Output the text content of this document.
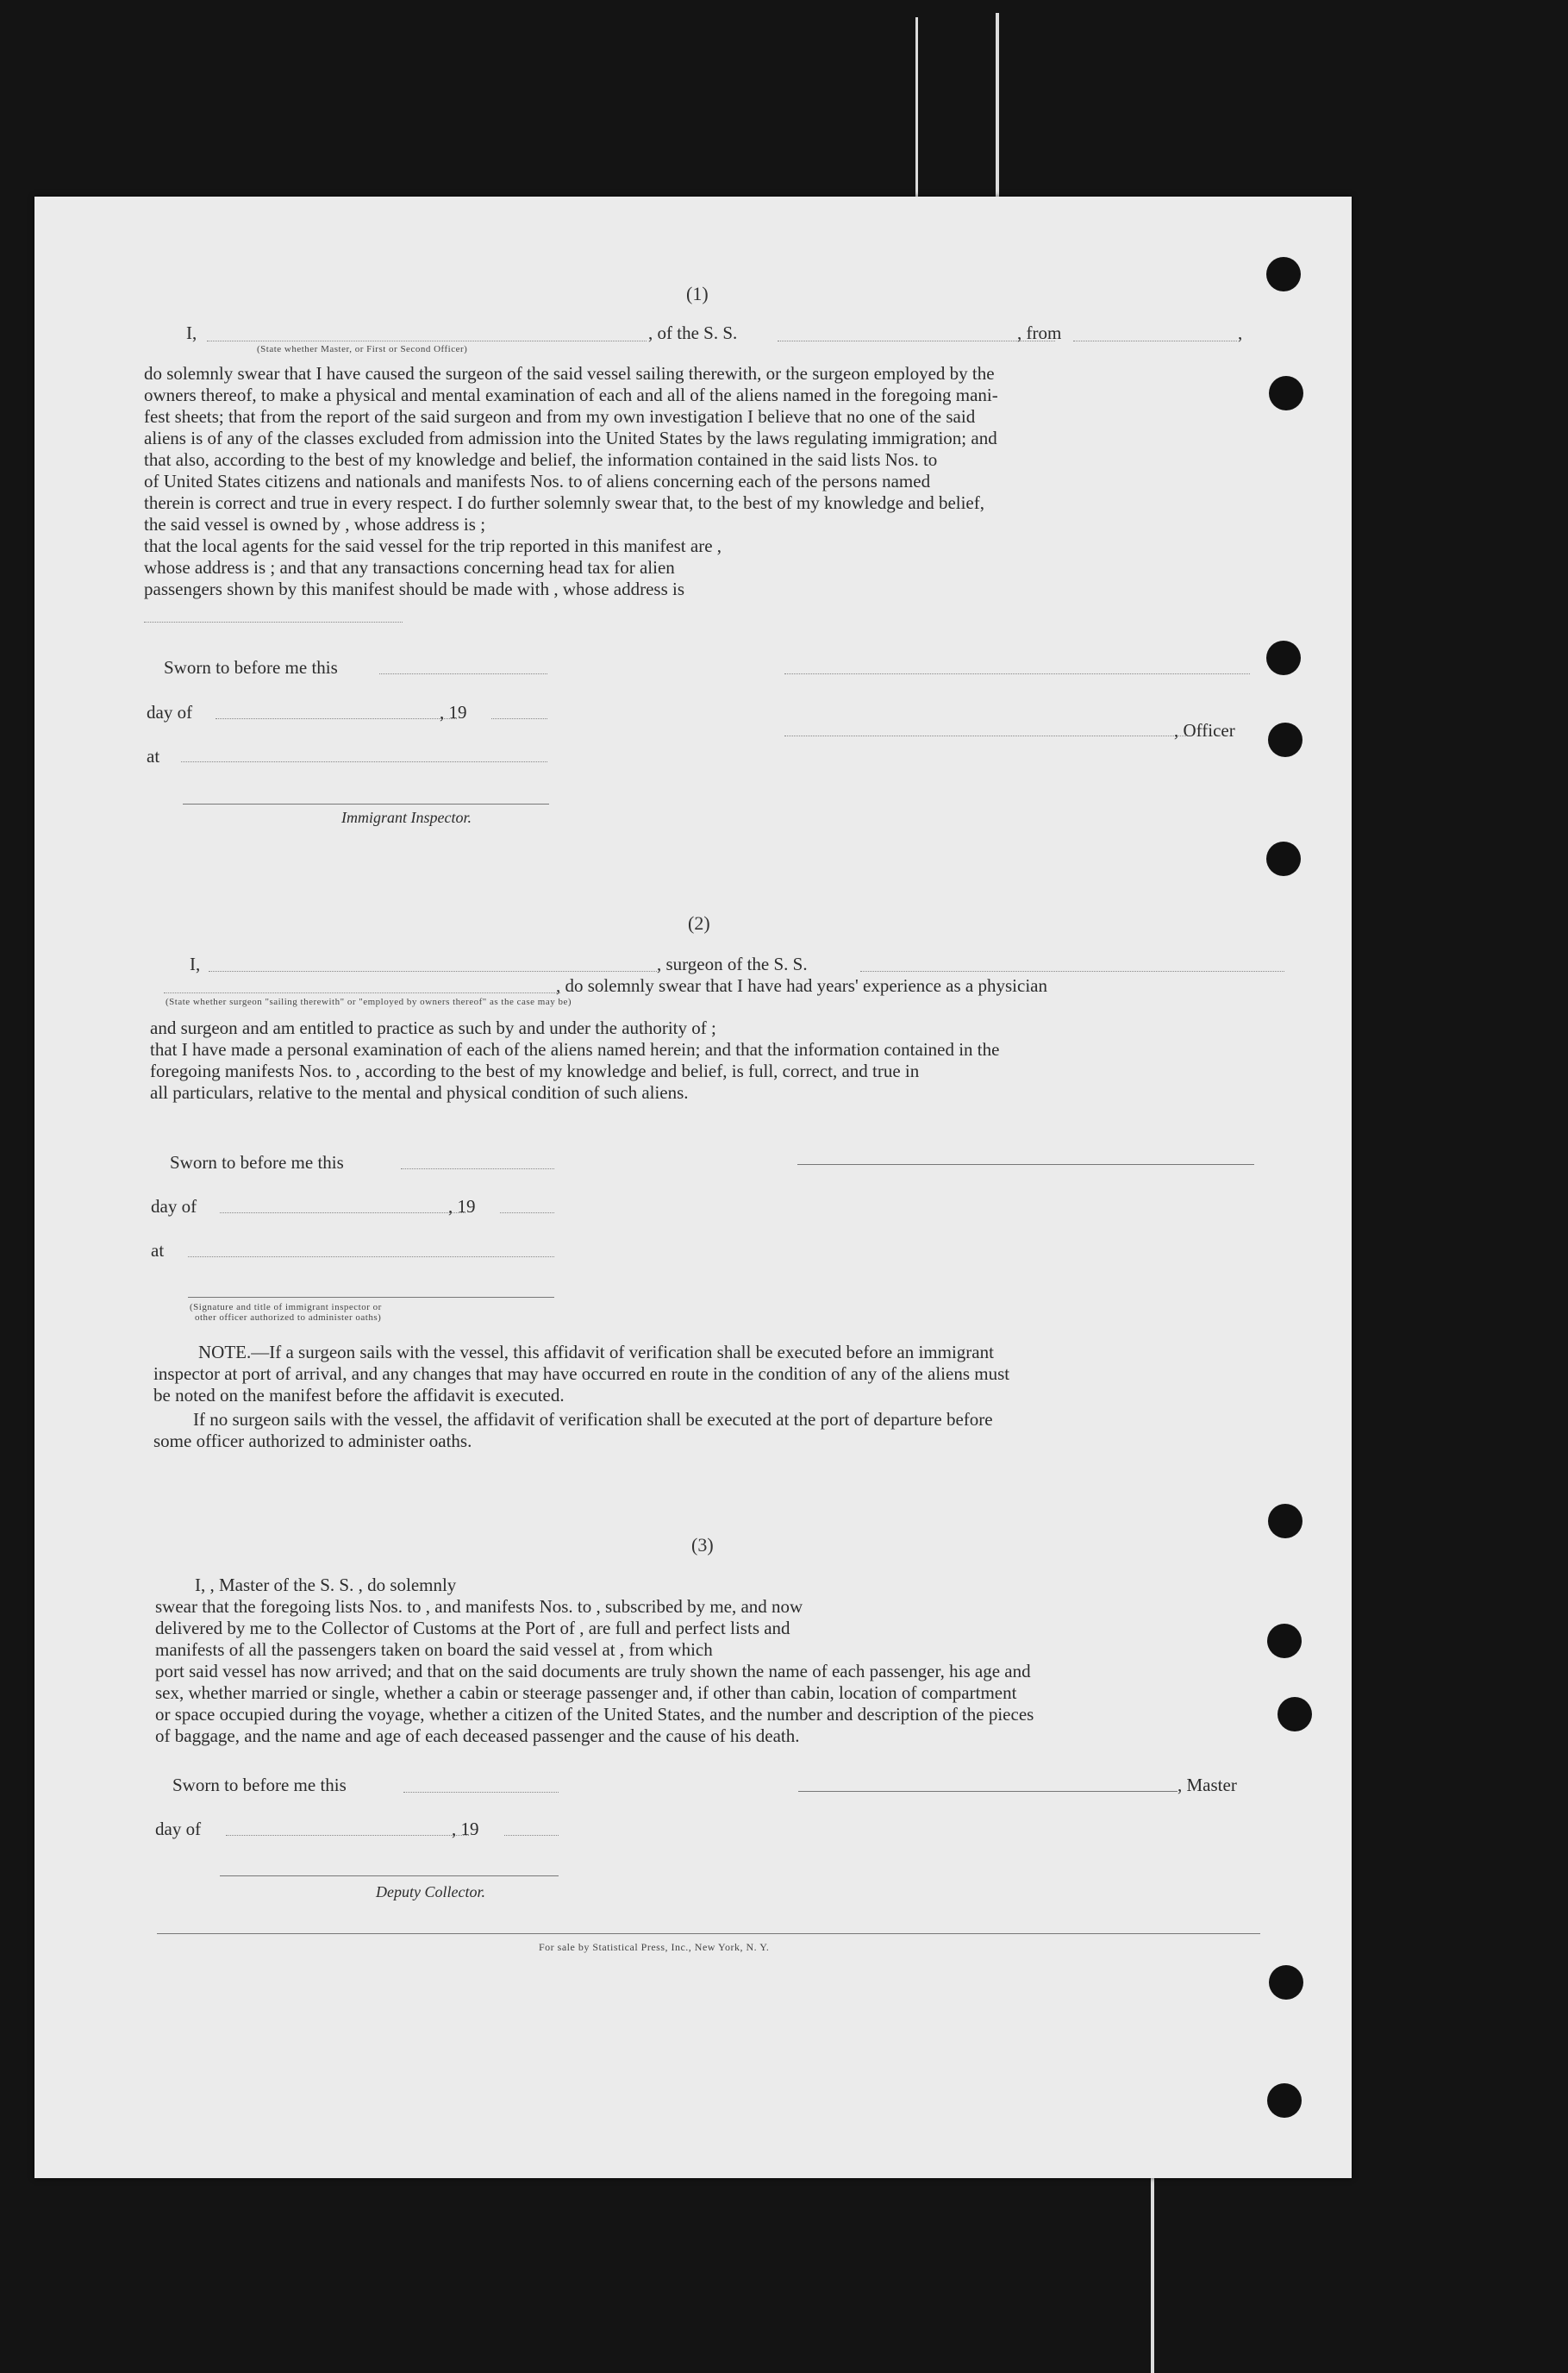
(1)
I,
(State whether Master, or First or Second Officer)
, of the S. S.	, from	,
do solemnly swear that I have caused the surgeon of the said vessel sailing therewith, or the surgeon employed by the
owners thereof, to make a physical and mental examination of each and all of the aliens named in the foregoing mani-
fest sheets; that from the report of the said surgeon and from my own investigation I believe that no one of the said
aliens is of any of the classes excluded from admission into the United States by the laws regulating immigration; and
that also, according to the best of my knowledge and belief, the information contained in the said lists Nos. to
of United States citizens and nationals and manifests Nos. to of aliens concerning each of the persons named
therein is correct and true in every respect. I do further solemnly swear that, to the best of my knowledge and belief,
the said vessel is owned by , whose address is ;
that the local agents for the said vessel for the trip reported in this manifest are ,
whose address is ; and that any transactions concerning head tax for alien
passengers shown by this manifest should be made with , whose address is
Sworn to before me this
day of	, 19
at
Immigrant Inspector.
, Officer
(2)
I,	, surgeon of the S. S.
, do solemnly swear that I have had years' experience as a physician
(State whether surgeon "sailing therewith" or "employed by owners thereof" as the case may be)
and surgeon and am entitled to practice as such by and under the authority of ;
that I have made a personal examination of each of the aliens named herein; and that the information contained in the
foregoing manifests Nos. to , according to the best of my knowledge and belief, is full, correct, and true in
all particulars, relative to the mental and physical condition of such aliens.
Sworn to before me this
day of	, 19
at
(Signature and title of immigrant inspector or
other officer authorized to administer oaths)
NOTE.—If a surgeon sails with the vessel, this affidavit of verification shall be executed before an immigrant
inspector at port of arrival, and any changes that may have occurred en route in the condition of any of the aliens must
be noted on the manifest before the affidavit is executed.
If no surgeon sails with the vessel, the affidavit of verification shall be executed at the port of departure before
some officer authorized to administer oaths.
(3)
I, , Master of the S. S. , do solemnly
swear that the foregoing lists Nos. to , and manifests Nos. to , subscribed by me, and now
delivered by me to the Collector of Customs at the Port of , are full and perfect lists and
manifests of all the passengers taken on board the said vessel at , from which
port said vessel has now arrived; and that on the said documents are truly shown the name of each passenger, his age and
sex, whether married or single, whether a cabin or steerage passenger and, if other than cabin, location of compartment
or space occupied during the voyage, whether a citizen of the United States, and the number and description of the pieces
of baggage, and the name and age of each deceased passenger and the cause of his death.
Sworn to before me this
day of	, 19
Deputy Collector.
, Master
For sale by Statistical Press, Inc., New York, N. Y.
